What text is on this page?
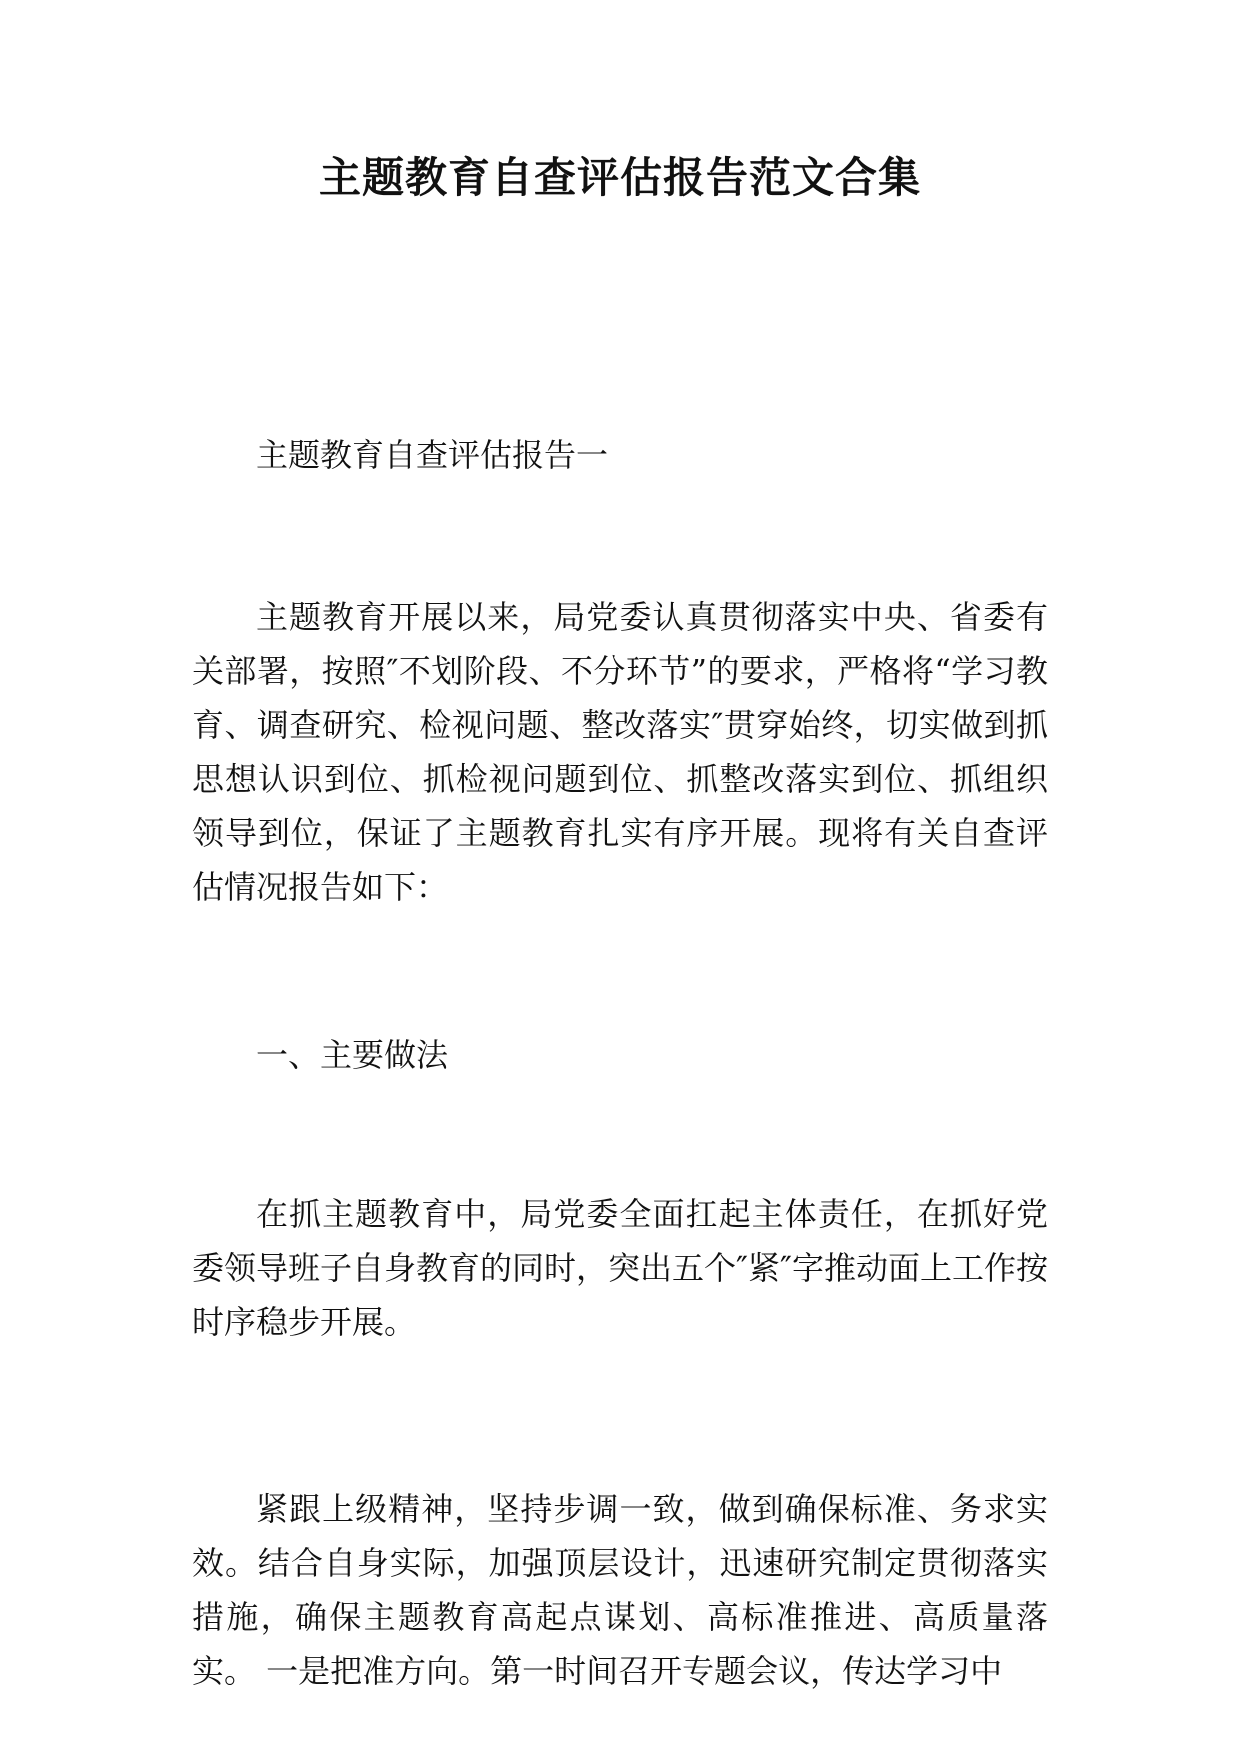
主题教育自查评估报告范文合集

主题教育自查评估报告一

主题教育开展以来，局党委认真贯彻落实中央、省委有关部署，按照″不划阶段、不分环节”的要求，严格将“学习教育、调查研究、检视问题、整改落实″贯穿始终，切实做到抓思想认识到位、抓检视问题到位、抓整改落实到位、抓组织领导到位，保证了主题教育扎实有序开展。现将有关自查评估情况报告如下：

一、主要做法

在抓主题教育中，局党委全面扛起主体责任，在抓好党委领导班子自身教育的同时，突出五个″紧″字推动面上工作按时序稳步开展。

紧跟上级精神，坚持步调一致，做到确保标准、务求实效。结合自身实际，加强顶层设计，迅速研究制定贯彻落实措施，确保主题教育高起点谋划、高标准推进、高质量落实。 一是把准方向。第一时间召开专题会议，传达学习中
